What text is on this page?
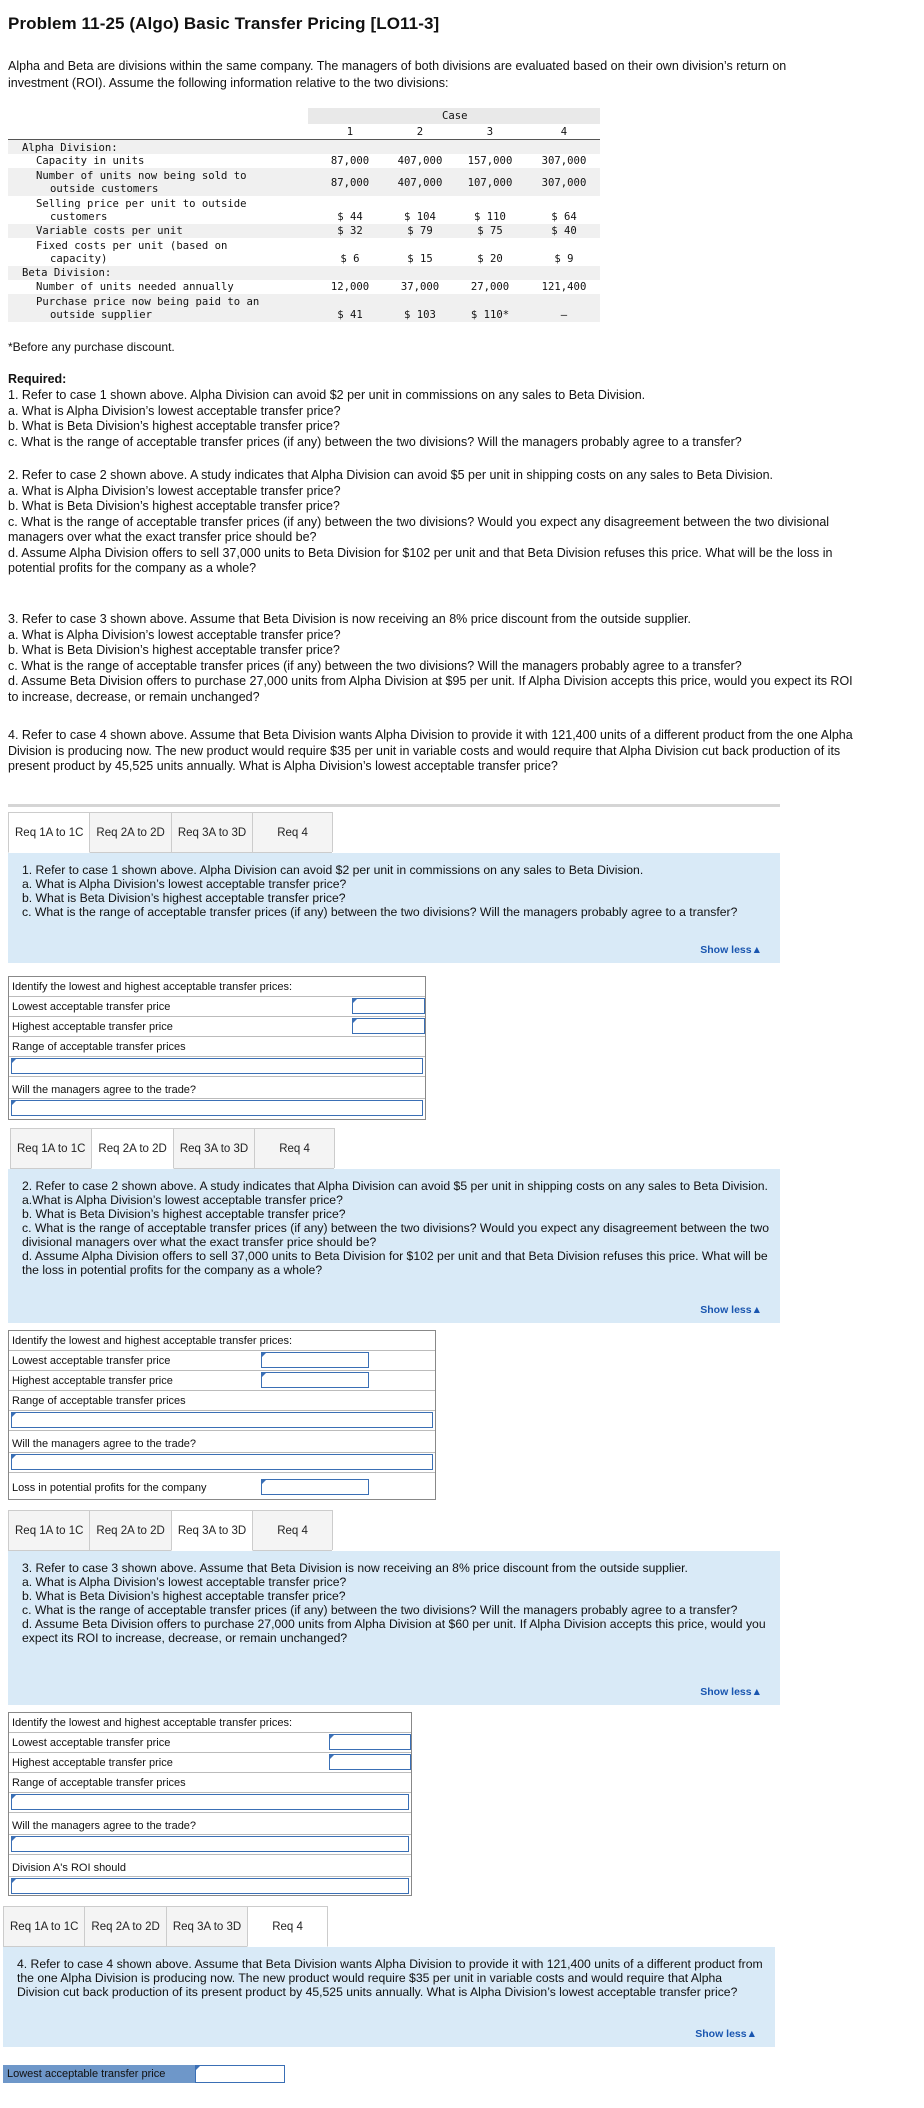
Problem 11-25 (Algo) Basic Transfer Pricing [LO11-3]
Alpha and Beta are divisions within the same company. The managers of both divisions are evaluated based on their own division’s return on investment (ROI). Assume the following information relative to the two divisions:
Case
1	2	3	4
Alpha Division:
Capacity in units	87,000	407,000	157,000	307,000
Number of units now being sold to
outside customers	87,000	407,000	107,000	307,000
Selling price per unit to outside
customers	$ 44	$ 104	$ 110	$ 64
Variable costs per unit	$ 32	$ 79	$ 75	$ 40
Fixed costs per unit (based on
capacity)	$ 6	$ 15	$ 20	$ 9
Beta Division:
Number of units needed annually	12,000	37,000	27,000	121,400
Purchase price now being paid to an
outside supplier	$ 41	$ 103	$ 110*	–
*Before any purchase discount.
Required:

1. Refer to case 1 shown above. Alpha Division can avoid $2 per unit in commissions on any sales to Beta Division.

a. What is Alpha Division’s lowest acceptable transfer price?

b. What is Beta Division’s highest acceptable transfer price?

c. What is the range of acceptable transfer prices (if any) between the two divisions? Will the managers probably agree to a transfer?

2. Refer to case 2 shown above. A study indicates that Alpha Division can avoid $5 per unit in shipping costs on any sales to Beta Division.

a. What is Alpha Division’s lowest acceptable transfer price?

b. What is Beta Division’s highest acceptable transfer price?

c. What is the range of acceptable transfer prices (if any) between the two divisions? Would you expect any disagreement between the two divisional managers over what the exact transfer price should be?

d. Assume Alpha Division offers to sell 37,000 units to Beta Division for $102 per unit and that Beta Division refuses this price. What will be the loss in potential profits for the company as a whole?

3. Refer to case 3 shown above. Assume that Beta Division is now receiving an 8% price discount from the outside supplier.

a. What is Alpha Division’s lowest acceptable transfer price?

b. What is Beta Division’s highest acceptable transfer price?

c. What is the range of acceptable transfer prices (if any) between the two divisions? Will the managers probably agree to a transfer?

d. Assume Beta Division offers to purchase 27,000 units from Alpha Division at $95 per unit. If Alpha Division accepts this price, would you expect its ROI to increase, decrease, or remain unchanged?

4. Refer to case 4 shown above. Assume that Beta Division wants Alpha Division to provide it with 121,400 units of a different product from the one Alpha Division is producing now. The new product would require $35 per unit in variable costs and would require that Alpha Division cut back production of its present product by 45,525 units annually. What is Alpha Division’s lowest acceptable transfer price?

Req 1A to 1C	Req 2A to 2D	Req 3A to 3D	Req 4

1. Refer to case 1 shown above. Alpha Division can avoid $2 per unit in commissions on any sales to Beta Division.

a. What is Alpha Division’s lowest acceptable transfer price?

b. What is Beta Division’s highest acceptable transfer price?

c. What is the range of acceptable transfer prices (if any) between the two divisions? Will the managers probably agree to a transfer?

Show less▲
Identify the lowest and highest acceptable transfer prices:
Lowest acceptable transfer price
Highest acceptable transfer price
Range of acceptable transfer prices
Will the managers agree to the trade?
Req 1A to 1C	Req 2A to 2D	Req 3A to 3D	Req 4

2. Refer to case 2 shown above. A study indicates that Alpha Division can avoid $5 per unit in shipping costs on any sales to Beta Division.

a.What is Alpha Division’s lowest acceptable transfer price?

b. What is Beta Division’s highest acceptable transfer price?

c. What is the range of acceptable transfer prices (if any) between the two divisions? Would you expect any disagreement between the two divisional managers over what the exact transfer price should be?

d. Assume Alpha Division offers to sell 37,000 units to Beta Division for $102 per unit and that Beta Division refuses this price. What will be the loss in potential profits for the company as a whole?

Show less▲
Identify the lowest and highest acceptable transfer prices:
Lowest acceptable transfer price
Highest acceptable transfer price
Range of acceptable transfer prices
Will the managers agree to the trade?
Loss in potential profits for the company
Req 1A to 1C	Req 2A to 2D	Req 3A to 3D	Req 4

3. Refer to case 3 shown above. Assume that Beta Division is now receiving an 8% price discount from the outside supplier.

a. What is Alpha Division’s lowest acceptable transfer price?

b. What is Beta Division’s highest acceptable transfer price?

c. What is the range of acceptable transfer prices (if any) between the two divisions? Will the managers probably agree to a transfer?

d. Assume Beta Division offers to purchase 27,000 units from Alpha Division at $60 per unit. If Alpha Division accepts this price, would you expect its ROI to increase, decrease, or remain unchanged?

Show less▲
Identify the lowest and highest acceptable transfer prices:
Lowest acceptable transfer price
Highest acceptable transfer price
Range of acceptable transfer prices
Will the managers agree to the trade?
Division A's ROI should
Req 1A to 1C	Req 2A to 2D	Req 3A to 3D	Req 4

4. Refer to case 4 shown above. Assume that Beta Division wants Alpha Division to provide it with 121,400 units of a different product from the one Alpha Division is producing now. The new product would require $35 per unit in variable costs and would require that Alpha Division cut back production of its present product by 45,525 units annually. What is Alpha Division’s lowest acceptable transfer price?

Show less▲
Lowest acceptable transfer price
